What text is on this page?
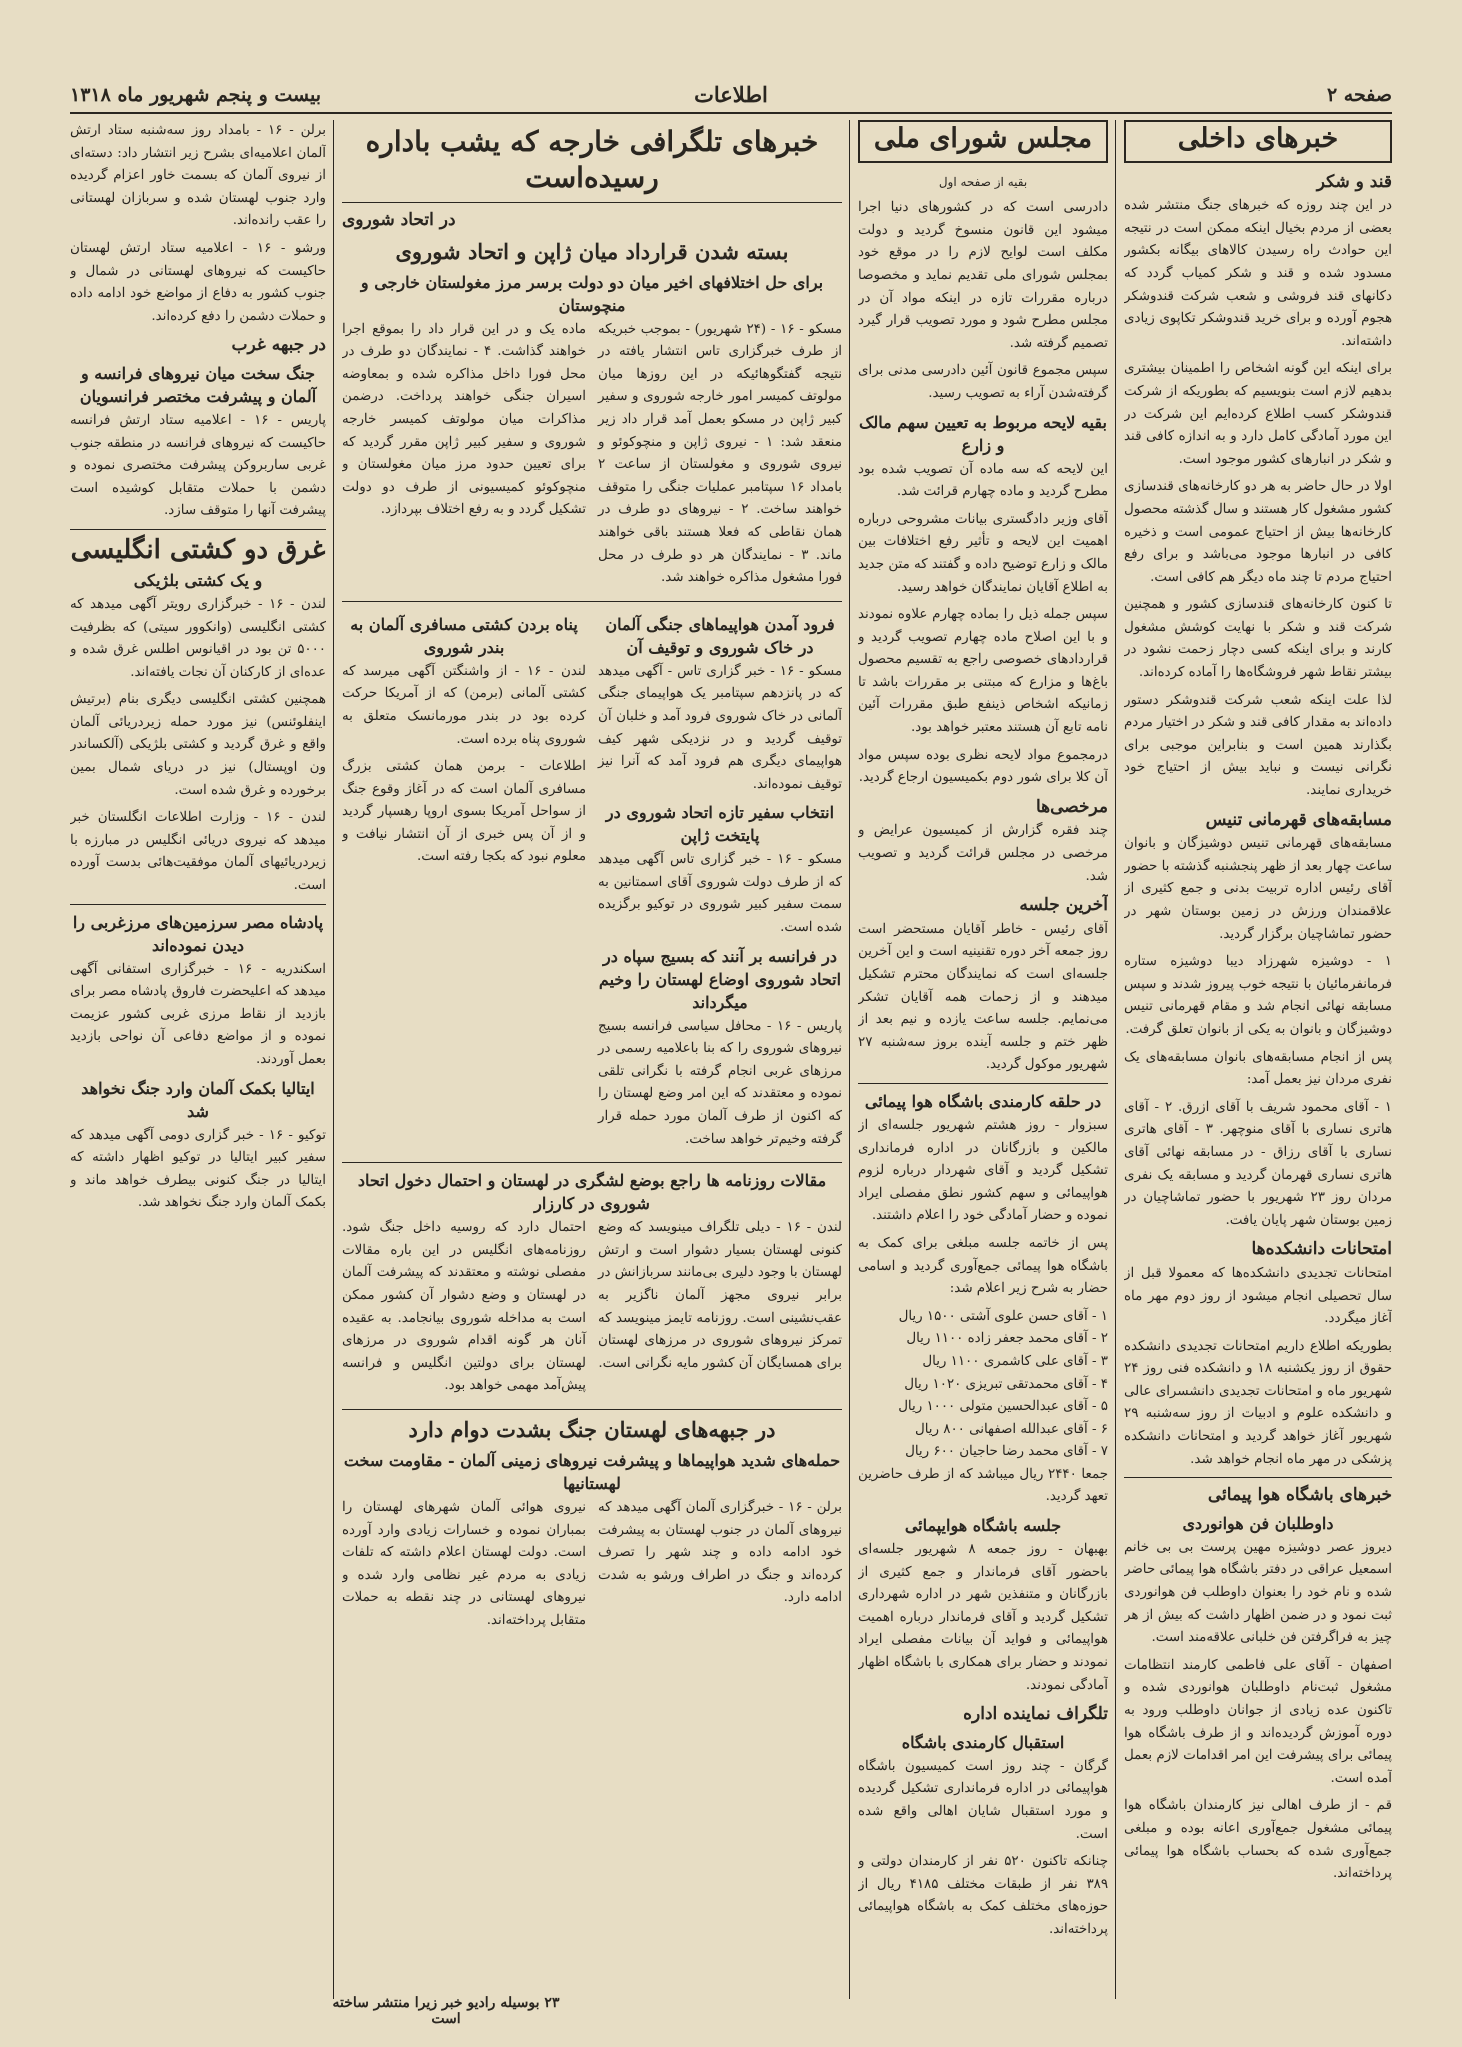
صفحه ۲
اطلاعات
بیست و پنجم شهریور ماه ۱۳۱۸
خبرهای داخلی
قند و شکر

در این چند روزه که خبرهای جنگ منتشر شده بعضی از مردم بخیال اینکه ممکن است در نتیجه این حوادث راه رسیدن کالاهای بیگانه بکشور مسدود شده و قند و شکر کمیاب گردد که دکانهای قند فروشی و شعب شرکت قندوشکر هجوم آورده و برای خرید قندوشکر تکاپوی زیادی داشته‌اند.

برای اینکه این گونه اشخاص را اطمینان بیشتری بدهیم لازم است بنویسیم که بطوریکه از شرکت قندوشکر کسب اطلاع کرده‌ایم این شرکت در این مورد آمادگی کامل دارد و به اندازه کافی قند و شکر در انبارهای کشور موجود است.

اولا در حال حاضر به هر دو کارخانه‌های قندسازی کشور مشغول کار هستند و سال گذشته محصول کارخانه‌ها بیش از احتیاج عمومی است و ذخیره کافی در انبارها موجود می‌باشد و برای رفع احتیاج مردم تا چند ماه دیگر هم کافی است.

تا کنون کارخانه‌های قندسازی کشور و همچنین شرکت قند و شکر با نهایت کوشش مشغول کارند و برای اینکه کسی دچار زحمت نشود در بیشتر نقاط شهر فروشگاه‌ها را آماده کرده‌اند.

لذا علت اینکه شعب شرکت قندوشکر دستور داده‌اند به مقدار کافی قند و شکر در اختیار مردم بگذارند همین است و بنابراین موجبی برای نگرانی نیست و نباید بیش از احتیاج خود خریداری نمایند.

مسابقه‌های قهرمانی تنیس

مسابقه‌های قهرمانی تنیس دوشیزگان و بانوان ساعت چهار بعد از ظهر پنجشنبه گذشته با حضور آقای رئیس اداره تربیت بدنی و جمع کثیری از علاقمندان ورزش در زمین بوستان شهر در حضور تماشاچیان برگزار گردید.

۱ - دوشیزه شهرزاد دیبا دوشیزه ستاره فرمانفرمائیان با نتیجه خوب پیروز شدند و سپس مسابقه نهائی انجام شد و مقام قهرمانی تنیس دوشیزگان و بانوان به یکی از بانوان تعلق گرفت.

پس از انجام مسابقه‌های بانوان مسابقه‌های یک نفری مردان نیز بعمل آمد:

۱ - آقای محمود شریف با آقای ازرق. ۲ - آقای هاتری نساری با آقای منوچهر. ۳ - آقای هاتری نساری با آقای رزاق - در مسابقه نهائی آقای هاتری نساری قهرمان گردید و مسابقه یک نفری مردان روز ۲۳ شهریور با حضور تماشاچیان در زمین بوستان شهر پایان یافت.

امتحانات دانشکده‌ها

امتحانات تجدیدی دانشکده‌ها که معمولا قبل از سال تحصیلی انجام میشود از روز دوم مهر ماه آغاز میگردد.

بطوریکه اطلاع داریم امتحانات تجدیدی دانشکده حقوق از روز یکشنبه ۱۸ و دانشکده فنی روز ۲۴ شهریور ماه و امتحانات تجدیدی دانشسرای عالی و دانشکده علوم و ادبیات از روز سه‌شنبه ۲۹ شهریور آغاز خواهد گردید و امتحانات دانشکده پزشکی در مهر ماه انجام خواهد شد.

خبرهای باشگاه هوا پیمائی
داوطلبان فن هوانوردی

دیروز عصر دوشیزه مهین پرست بی بی خانم اسمعیل عراقی در دفتر باشگاه هوا پیمائی حاضر شده و نام خود را بعنوان داوطلب فن هوانوردی ثبت نمود و در ضمن اظهار داشت که بیش از هر چیز به فراگرفتن فن خلبانی علاقه‌مند است.

اصفهان - آقای علی فاطمی کارمند انتظامات مشغول ثبت‌نام داوطلبان هوانوردی شده و تاکنون عده زیادی از جوانان داوطلب ورود به دوره آموزش گردیده‌اند و از طرف باشگاه هوا پیمائی برای پیشرفت این امر اقدامات لازم بعمل آمده است.

قم - از طرف اهالی نیز کارمندان باشگاه هوا پیمائی مشغول جمع‌آوری اعانه بوده و مبلغی جمع‌آوری شده که بحساب باشگاه هوا پیمائی پرداخته‌اند.

مجلس شورای ملی
بقیه از صفحه اول

دادرسی است که در کشورهای دنیا اجرا میشود این قانون منسوخ گردید و دولت مکلف است لوایح لازم را در موقع خود بمجلس شورای ملی تقدیم نماید و مخصوصا درباره مقررات تازه در اینکه مواد آن در مجلس مطرح شود و مورد تصویب قرار گیرد تصمیم گرفته شد.

سپس مجموع قانون آئین دادرسی مدنی برای گرفته‌شدن آراء به تصویب رسید.

بقیه لایحه مربوط به تعیین سهم مالک و زارع

این لایحه که سه ماده آن تصویب شده بود مطرح گردید و ماده چهارم قرائت شد.

آقای وزیر دادگستری بیانات مشروحی درباره اهمیت این لایحه و تأثیر رفع اختلافات بین مالک و زارع توضیح داده و گفتند که متن جدید به اطلاع آقایان نمایندگان خواهد رسید.

سپس جمله ذیل را بماده چهارم علاوه نمودند و با این اصلاح ماده چهارم تصویب گردید و قراردادهای خصوصی راجع به تقسیم محصول باغ‌ها و مزارع که مبتنی بر مقررات باشد تا زمانیکه اشخاص ذینفع طبق مقررات آئین نامه تابع آن هستند معتبر خواهد بود.

درمجموع مواد لایحه نظری بوده سپس مواد آن کلا برای شور دوم بکمیسیون ارجاع گردید.

مرخصی‌ها

چند فقره گزارش از کمیسیون عرایض و مرخصی در مجلس قرائت گردید و تصویب شد.

آخرین جلسه

آقای رئیس - خاطر آقایان مستحضر است روز جمعه آخر دوره تقنینیه است و این آخرین جلسه‌ای است که نمایندگان محترم تشکیل میدهند و از زحمات همه آقایان تشکر می‌نمایم. جلسه ساعت یازده و نیم بعد از ظهر ختم و جلسه آینده بروز سه‌شنبه ۲۷ شهریور موکول گردید.

در حلقه کارمندی باشگاه هوا پیمائی

سبزوار - روز هشتم شهریور جلسه‌ای از مالکین و بازرگانان در اداره فرمانداری تشکیل گردید و آقای شهردار درباره لزوم هواپیمائی و سهم کشور نطق مفصلی ایراد نموده و حضار آمادگی خود را اعلام داشتند.

پس از خاتمه جلسه مبلغی برای کمک به باشگاه هوا پیمائی جمع‌آوری گردید و اسامی حضار به شرح زیر اعلام شد:

۱ - آقای حسن علوی آشتی ۱۵۰۰ ریال
۲ - آقای محمد جعفر زاده ۱۱۰۰ ریال
۳ - آقای علی کاشمری ۱۱۰۰ ریال
۴ - آقای محمدتقی تبریزی ۱۰۲۰ ریال
۵ - آقای عبدالحسین متولی ۱۰۰۰ ریال
۶ - آقای عبدالله اصفهانی ۸۰۰ ریال
۷ - آقای محمد رضا حاجیان ۶۰۰ ریال

جمعا ۲۴۴۰ ریال میباشد که از طرف حاضرین تعهد گردید.

جلسه باشگاه هوایپمائی

بهبهان - روز جمعه ۸ شهریور جلسه‌ای باحضور آقای فرماندار و جمع کثیری از بازرگانان و متنفذین شهر در اداره شهرداری تشکیل گردید و آقای فرماندار درباره اهمیت هواپیمائی و فواید آن بیانات مفصلی ایراد نمودند و حضار برای همکاری با باشگاه اظهار آمادگی نمودند.

تلگراف نماینده اداره
استقبال کارمندی باشگاه

گرگان - چند روز است کمیسیون باشگاه هواپیمائی در اداره فرمانداری تشکیل گردیده و مورد استقبال شایان اهالی واقع شده است.

چنانکه تاکنون ۵۲۰ نفر از کارمندان دولتی و ۳۸۹ نفر از طبقات مختلف ۴۱۸۵ ریال از حوزه‌های مختلف کمک به باشگاه هواپیمائی پرداخته‌اند.

خبرهای تلگرافی خارجه که‌ یشب باداره رسیده‌است
در اتحاد شوروی
بسته شدن قرارداد میان ژاپن و اتحاد شوروی
برای حل اختلافهای اخیر میان دو دولت برسر مرز مغولستان خارجی و منچوستان

مسکو - ۱۶ - (۲۴ شهریور) - بموجب خبریکه از طرف خبرگزاری تاس انتشار یافته در نتیجه گفتگوهائیکه در این روزها میان مولوتف کمیسر امور خارجه شوروی و سفیر کبیر ژاپن در مسکو بعمل آمد قرار داد زیر منعقد شد: ۱ - نیروی ژاپن و منچوکوئو و نیروی شوروی و مغولستان از ساعت ۲ بامداد ۱۶ سپتامبر عملیات جنگی را متوقف خواهند ساخت. ۲ - نیروهای دو طرف در همان نقاطی که فعلا هستند باقی خواهند ماند. ۳ - نمایندگان هر دو طرف در محل فورا مشغول مذاکره خواهند شد.

ماده یک و در این قرار داد را بموقع اجرا خواهند گذاشت. ۴ - نمایندگان دو طرف در محل فورا داخل مذاکره شده و بمعاوضه اسیران جنگی خواهند پرداخت. درضمن مذاکرات میان مولوتف کمیسر خارجه شوروی و سفیر کبیر ژاپن مقرر گردید که برای تعیین حدود مرز میان مغولستان و منچوکوئو کمیسیونی از طرف دو دولت تشکیل گردد و به رفع اختلاف بپردازد.

فرود آمدن هواپیماهای جنگی آلمان در خاک شوروی و توقیف آن

مسکو - ۱۶ - خبر گزاری تاس - آگهی میدهد که در پانزدهم سپتامبر یک هواپیمای جنگی آلمانی در خاک شوروی فرود آمد و خلبان آن توقیف گردید و در نزدیکی شهر کیف هواپیمای دیگری هم فرود آمد که آنرا نیز توقیف نموده‌اند.

انتخاب سفیر تازه اتحاد شوروی در پایتخت ژاپن

مسکو - ۱۶ - خبر گزاری تاس آگهی میدهد که از طرف دولت شوروی آقای اسمتانین به سمت سفیر کبیر شوروی در توکیو برگزیده شده است.

در فرانسه بر آنند که بسیج سپاه در اتحاد شوروی اوضاع لهستان را وخیم میگرداند

پاریس - ۱۶ - محافل سیاسی فرانسه بسیج نیروهای شوروی را که بنا باعلامیه رسمی در مرزهای غربی انجام گرفته با نگرانی تلقی نموده و معتقدند که این امر وضع لهستان را که اکنون از طرف آلمان مورد حمله قرار گرفته وخیم‌تر خواهد ساخت.

پناه بردن کشتی مسافری آلمان به بندر شوروی

لندن - ۱۶ - از واشنگتن آگهی میرسد که کشتی آلمانی (برمن) که از آمریکا حرکت کرده بود در بندر مورمانسک متعلق به شوروی پناه برده است.

اطلاعات - برمن همان کشتی بزرگ مسافری آلمان است که در آغاز وقوع جنگ از سواحل آمریکا بسوی اروپا رهسپار گردید و از آن پس خبری از آن انتشار نیافت و معلوم نبود که بکجا رفته است.

مقالات روزنامه ها راجع بوضع لشگری در لهستان و احتمال دخول اتحاد شوروی در کارزار

لندن - ۱۶ - دیلی تلگراف مینویسد که وضع کنونی لهستان بسیار دشوار است و ارتش لهستان با وجود دلیری بی‌مانند سربازانش در برابر نیروی مجهز آلمان ناگزیر به عقب‌نشینی است. روزنامه تایمز مینویسد که تمرکز نیروهای شوروی در مرزهای لهستان برای همسایگان آن کشور مایه نگرانی است.

احتمال دارد که روسیه داخل جنگ شود. روزنامه‌های انگلیس در این باره مقالات مفصلی نوشته و معتقدند که پیشرفت آلمان در لهستان و وضع دشوار آن کشور ممکن است به مداخله شوروی بیانجامد. به عقیده آنان هر گونه اقدام شوروی در مرزهای لهستان برای دولتین انگلیس و فرانسه پیش‌آمد مهمی خواهد بود.

در جبهه‌های لهستان جنگ بشدت دوام دارد
حمله‌های شدید هواپیماها و پیشرفت نیروهای زمینی آلمان - مقاومت سخت لهستانیها

برلن - ۱۶ - خبرگزاری آلمان آگهی میدهد که نیروهای آلمان در جنوب لهستان به پیشرفت خود ادامه داده و چند شهر را تصرف کرده‌اند و جنگ در اطراف ورشو به شدت ادامه دارد.

نیروی هوائی آلمان شهرهای لهستان را بمباران نموده و خسارات زیادی وارد آورده است. دولت لهستان اعلام داشته که تلفات زیادی به مردم غیر نظامی وارد شده و نیروهای لهستانی در چند نقطه به حملات متقابل پرداخته‌اند.

برلن - ۱۶ - بامداد روز سه‌شنبه ستاد ارتش آلمان اعلامیه‌ای بشرح زیر انتشار داد: دسته‌ای از نیروی آلمان که بسمت خاور اعزام گردیده وارد جنوب لهستان شده و سربازان لهستانی را عقب رانده‌اند.

ورشو - ۱۶ - اعلامیه ستاد ارتش لهستان حاکیست که نیروهای لهستانی در شمال و جنوب کشور به دفاع از مواضع خود ادامه داده و حملات دشمن را دفع کرده‌اند.

در جبهه غرب
جنگ سخت میان نیروهای فرانسه و آلمان و پیشرفت مختصر فرانسویان

پاریس - ۱۶ - اعلامیه ستاد ارتش فرانسه حاکیست که نیروهای فرانسه در منطقه جنوب غربی ساربروکن پیشرفت مختصری نموده و دشمن با حملات متقابل کوشیده است پیشرفت آنها را متوقف سازد.

غرق دو کشتی انگلیسی
و یک کشتی بلژیکی

لندن - ۱۶ - خبرگزاری رویتر آگهی میدهد که کشتی انگلیسی (وانکوور سیتی) که بظرفیت ۵۰۰۰ تن بود در اقیانوس اطلس غرق شده و عده‌ای از کارکنان آن نجات یافته‌اند.

همچنین کشتی انگلیسی دیگری بنام (برتیش اینفلوئنس) نیز مورد حمله زیردریائی آلمان واقع و غرق گردید و کشتی بلژیکی (آلکساندر ون اوپستال) نیز در دریای شمال بمین برخورده و غرق شده است.

لندن - ۱۶ - وزارت اطلاعات انگلستان خبر میدهد که نیروی دریائی انگلیس در مبارزه با زیردریائیهای آلمان موفقیت‌هائی بدست آورده است.

پادشاه مصر سرزمین‌های مرزغربی را دیدن نموده‌اند

اسکندریه - ۱۶ - خبرگزاری استفانی آگهی میدهد که اعلیحضرت فاروق پادشاه مصر برای بازدید از نقاط مرزی غربی کشور عزیمت نموده و از مواضع دفاعی آن نواحی بازدید بعمل آوردند.

ایتالیا بکمک آلمان وارد جنگ نخواهد شد

توکیو - ۱۶ - خبر گزاری دومی آگهی میدهد که سفیر کبیر ایتالیا در توکیو اظهار داشته که ایتالیا در جنگ کنونی بیطرف خواهد ماند و بکمک آلمان وارد جنگ نخواهد شد.

۲۳ بوسیله رادیو خبر زیرا منتشر ساخته است
